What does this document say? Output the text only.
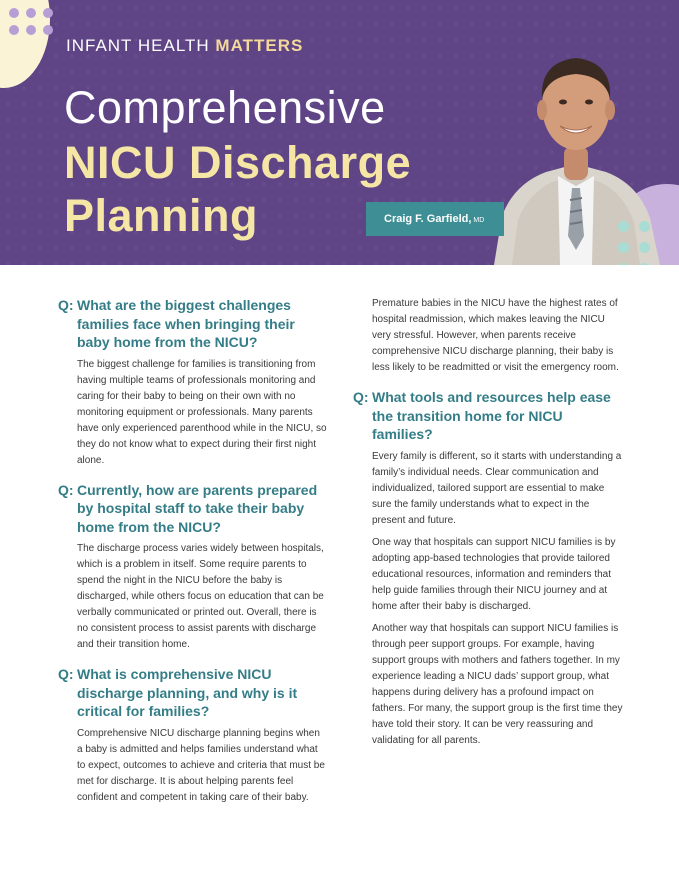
INFANT HEALTH MATTERS
Comprehensive
NICU Discharge
Planning	Craig F. Garfield, MD
Q: What are the biggest challenges families face when bringing their baby home from the NICU?

The biggest challenge for families is transitioning from having multiple teams of professionals monitoring and caring for their baby to being on their own with no monitoring equipment or professionals. Many parents have only experienced parenthood while in the NICU, so they do not know what to expect during their first night alone.

Q: Currently, how are parents prepared by hospital staff to take their baby home from the NICU?

The discharge process varies widely between hospitals, which is a problem in itself. Some require parents to spend the night in the NICU before the baby is discharged, while others focus on education that can be verbally communicated or printed out. Overall, there is no consistent process to assist parents with discharge and their transition home.

Q: What is comprehensive NICU discharge planning, and why is it critical for families?

Comprehensive NICU discharge planning begins when a baby is admitted and helps families understand what to expect, outcomes to achieve and criteria that must be met for discharge. It is about helping parents feel confident and competent in taking care of their baby.

Premature babies in the NICU have the highest rates of hospital readmission, which makes leaving the NICU very stressful. However, when parents receive comprehensive NICU discharge planning, their baby is less likely to be readmitted or visit the emergency room.

Q: What tools and resources help ease the transition home for NICU families?

Every family is different, so it starts with understanding a family’s individual needs. Clear communication and individualized, tailored support are essential to make sure the family understands what to expect in the present and future.

One way that hospitals can support NICU families is by adopting app-based technologies that provide tailored educational resources, information and reminders that help guide families through their NICU journey and at home after their baby is discharged.

Another way that hospitals can support NICU families is through peer support groups. For example, having support groups with mothers and fathers together. In my experience leading a NICU dads’ support group, what happens during delivery has a profound impact on fathers. For many, the support group is the first time they have told their story. It can be very reassuring and validating for all parents.
